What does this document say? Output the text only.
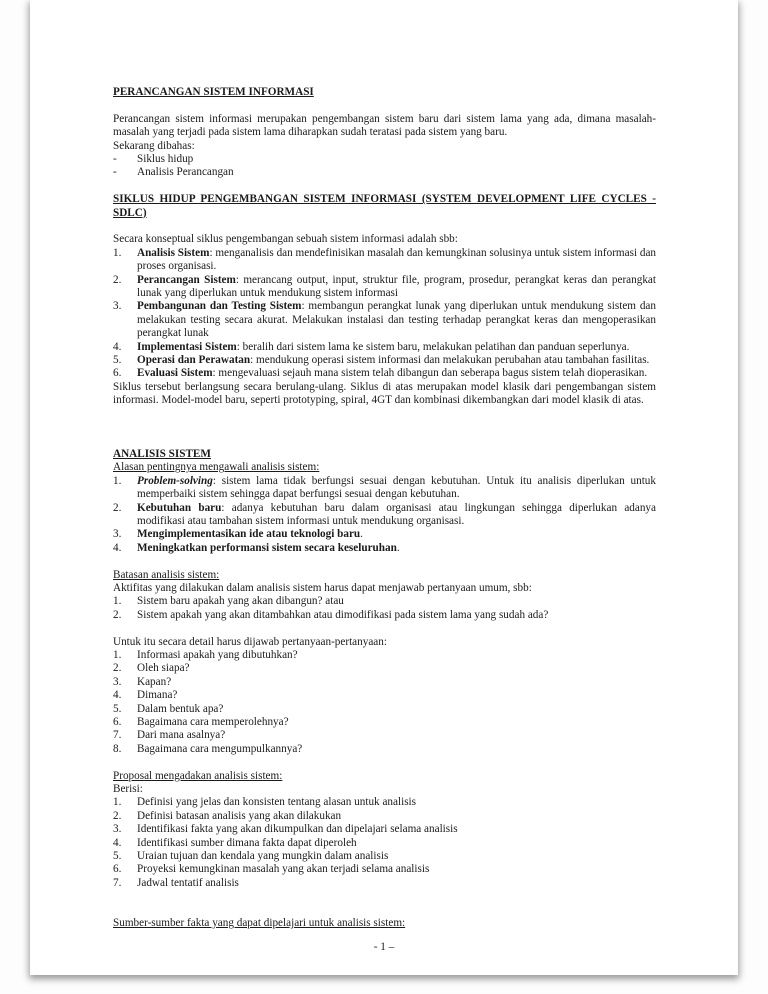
PERANCANGAN SISTEM INFORMASI

Perancangan sistem informasi merupakan pengembangan sistem baru dari sistem lama yang ada, dimana masalah-masalah yang terjadi pada sistem lama diharapkan sudah teratasi pada sistem yang baru.

Sekarang dibahas:

-	Siklus hidup
-	Analisis Perancangan

SIKLUS HIDUP PENGEMBANGAN SISTEM INFORMASI (SYSTEM DEVELOPMENT LIFE CYCLES - SDLC)

Secara konseptual siklus pengembangan sebuah sistem informasi adalah sbb:

1.	Analisis Sistem: menganalisis dan mendefinisikan masalah dan kemungkinan solusinya untuk sistem informasi dan proses organisasi.
2.	Perancangan Sistem: merancang output, input, struktur file, program, prosedur, perangkat keras dan perangkat lunak yang diperlukan untuk mendukung sistem informasi
3.	Pembangunan dan Testing Sistem: membangun perangkat lunak yang diperlukan untuk mendukung sistem dan melakukan testing secara akurat. Melakukan instalasi dan testing terhadap perangkat keras dan mengoperasikan perangkat lunak
4.	Implementasi Sistem: beralih dari sistem lama ke sistem baru, melakukan pelatihan dan panduan seperlunya.
5.	Operasi dan Perawatan: mendukung operasi sistem informasi dan melakukan perubahan atau tambahan fasilitas.
6.	Evaluasi Sistem: mengevaluasi sejauh mana sistem telah dibangun dan seberapa bagus sistem telah dioperasikan.

Siklus tersebut berlangsung secara berulang-ulang. Siklus di atas merupakan model klasik dari pengembangan sistem informasi. Model-model baru, seperti prototyping, spiral, 4GT dan kombinasi dikembangkan dari model klasik di atas.

ANALISIS SISTEM

Alasan pentingnya mengawali analisis sistem:

1.	Problem-solving: sistem lama tidak berfungsi sesuai dengan kebutuhan. Untuk itu analisis diperlukan untuk memperbaiki sistem sehingga dapat berfungsi sesuai dengan kebutuhan.
2.	Kebutuhan baru: adanya kebutuhan baru dalam organisasi atau lingkungan sehingga diperlukan adanya modifikasi atau tambahan sistem informasi untuk mendukung organisasi.
3.	Mengimplementasikan ide atau teknologi baru.
4.	Meningkatkan performansi sistem secara keseluruhan.

Batasan analisis sistem:

Aktifitas yang dilakukan dalam analisis sistem harus dapat menjawab pertanyaan umum, sbb:

1.	Sistem baru apakah yang akan dibangun? atau
2.	Sistem apakah yang akan ditambahkan atau dimodifikasi pada sistem lama yang sudah ada?

Untuk itu secara detail harus dijawab pertanyaan-pertanyaan:

1.	Informasi apakah yang dibutuhkan?
2.	Oleh siapa?
3.	Kapan?
4.	Dimana?
5.	Dalam bentuk apa?
6.	Bagaimana cara memperolehnya?
7.	Dari mana asalnya?
8.	Bagaimana cara mengumpulkannya?

Proposal mengadakan analisis sistem:

Berisi:

1.	Definisi yang jelas dan konsisten tentang alasan untuk analisis
2.	Definisi batasan analisis yang akan dilakukan
3.	Identifikasi fakta yang akan dikumpulkan dan dipelajari selama analisis
4.	Identifikasi sumber dimana fakta dapat diperoleh
5.	Uraian tujuan dan kendala yang mungkin dalam analisis
6.	Proyeksi kemungkinan masalah yang akan terjadi selama analisis
7.	Jadwal tentatif analisis

Sumber-sumber fakta yang dapat dipelajari untuk analisis sistem:

- 1 –
